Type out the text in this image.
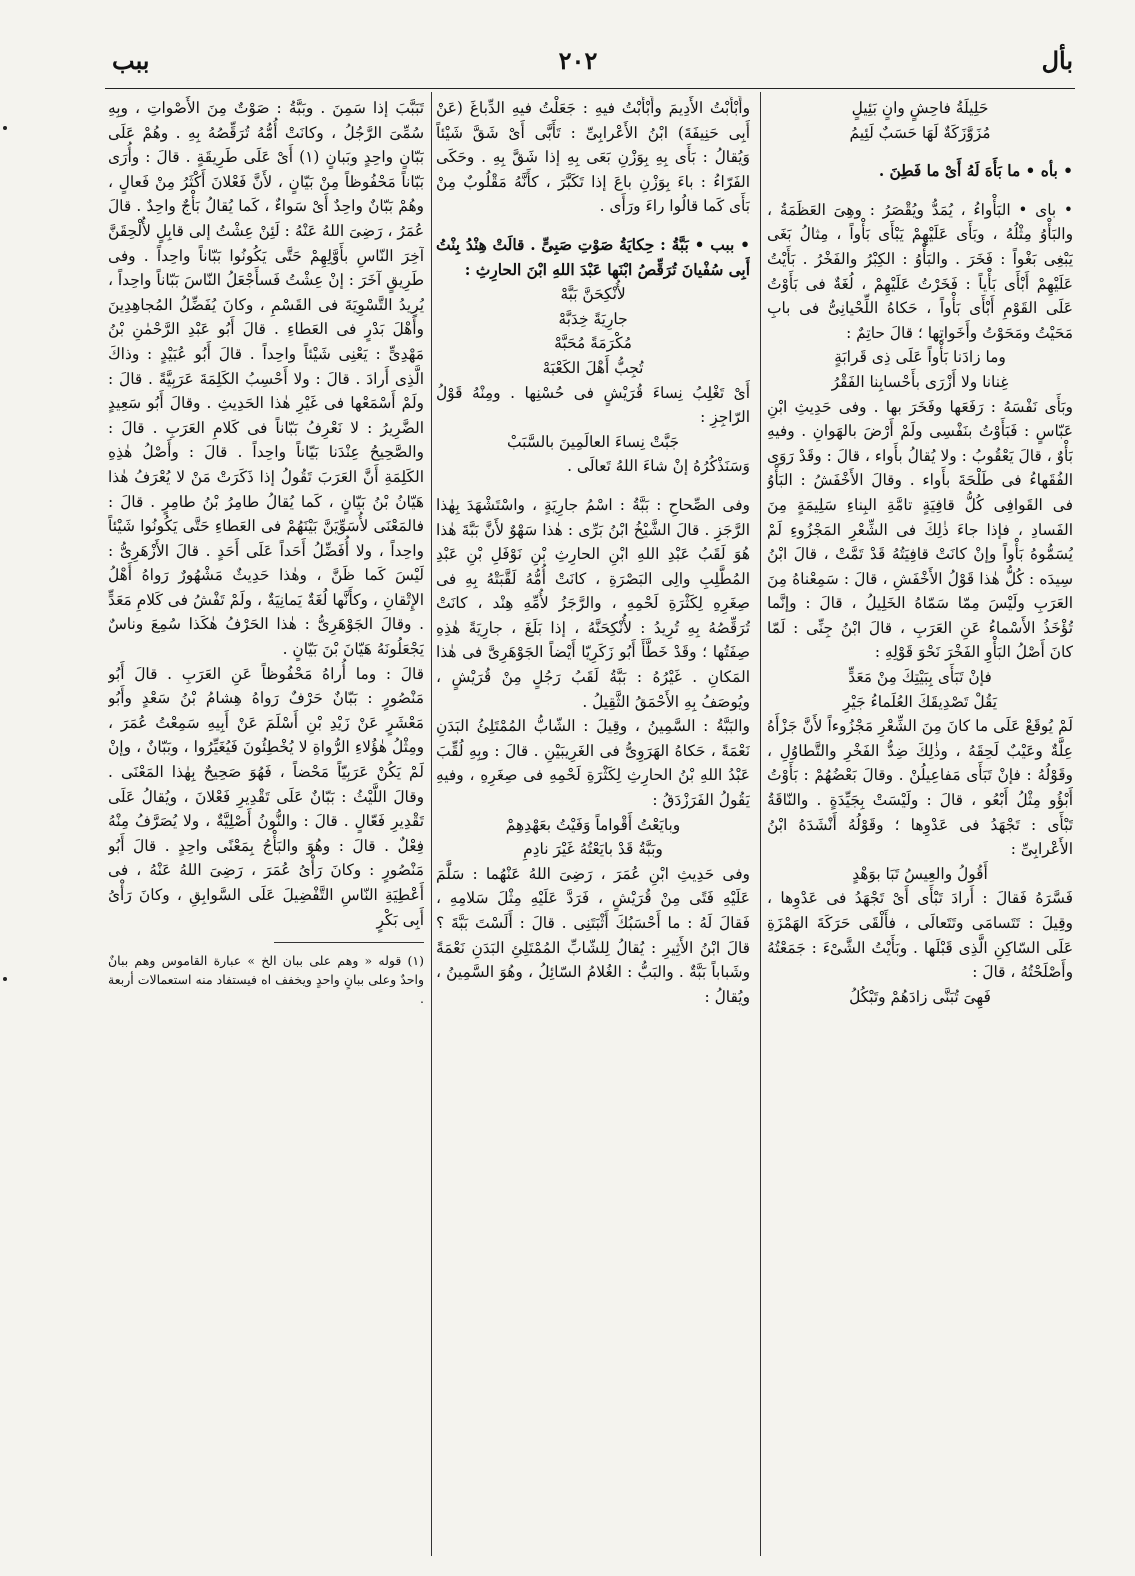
بأل
٢٠٢
ببب
حَلِيلَةُ فاحِشٍ وانٍ بَئِيلٍ

مُزَوَّزَكَةٌ لَهَا حَسَبٌ لَئِيمُ

• بأه • ما بَأَهَ لَهُ أَىْ ما فَطِنَ .

• باى • البَأْواءُ ، يُمَدُّ ويُقْصَرُ : وهِىَ العَظَمَةُ ، والبَأْوُ مِثْلُهُ ، وبَأَى عَلَيْهِمْ يَبْأَى بَأْواً ، مِثالُ بَغَى يَبْغِى بَغْواً : فَخَرَ . والبَأْوُ : الكِبْرُ والفَخْرُ . بَأَيْتُ عَلَيْهِمْ أَبْأَى بَأْياً : فَخَرْتُ عَلَيْهِمْ ، لُغَةٌ فى بَأَوْتُ عَلَى القَوْمِ أَبْأَى بَأْواً ، حَكاهُ اللِّحْيانِىُّ فى بابِ مَحَيْتُ ومَحَوْتُ وأَخَواتِها ؛ قالَ حاتِمٌ :

وما زادَنا بَأْواً عَلَى ذِى قَرابَةٍ

غِنانا ولا أَزْرَى بأَحْسابِنا الفَقْرُ

وبَأَى نَفْسَهُ : رَفَعَها وفَخَرَ بها . وفى حَدِيثِ ابْنِ عَبّاسٍ : فَبَأَوْتُ بنَفْسِى ولَمْ أَرْضَ بالهَوانِ . وفيهِ بَأْوٌ ، قالَ يَعْقُوبُ : ولا يُقالُ بأَواء ، قالَ : وقَدْ رَوَى الفُقَهاءُ فى طَلْحَةَ بأَواء . وقالَ الأَخْفَشُ : البَأْوُ فى القَوافِى كُلُّ قافِيَةٍ تامَّةِ البِناءِ سَلِيمَةٍ مِنَ الفَسادِ ، فإذا جاءَ ذٰلِكَ فى الشِّعْرِ المَجْزُوءِ لَمْ يُسَمُّوهُ بَأْواً وإنْ كانَتْ قافِيَتُهُ قَدْ تَمَّتْ ، قالَ ابْنُ سِيدَه : كُلُّ هٰذا قَوْلُ الأَخْفَشِ ، قالَ : سَمِعْناهُ مِنَ العَرَبِ ولَيْسَ مِمّا سَمّاهُ الخَلِيلُ ، قالَ : وإنَّما تُؤْخَذُ الأَسْماءُ عَنِ العَرَبِ ، قالَ ابْنُ جِنِّى : لَمّا كانَ أَصْلُ البَأْوِ الفَخْرَ نَحْوَ قَوْلِهِ :

فإنْ تَبَأَى بِبَيْتِكَ مِنْ مَعَدٍّ

يَقُلْ تَصْدِيقَكَ العُلَماءُ جَيْرِ

لَمْ يُوقَعْ عَلَى ما كانَ مِنَ الشِّعْرِ مَجْزُوءاً لأَنَّ جَزْأَهُ عِلَّةٌ وعَيْبٌ لَحِقَهُ ، وذٰلِكَ ضِدُّ الفَخْرِ والتَّطاوُلِ ، وقَوْلُهُ : فإنْ تَبَأَى مَفاعِيلُنْ . وقالَ بَعْضُهُمْ : بَأَوْتُ أَبْؤُو مِثْلُ أَبْعُو ، قالَ : ولَيْسَتْ بِجَيِّدَةٍ . والنّاقَةُ تَبْأَى : تَجْهَدُ فى عَدْوِها ؛ وقَوْلُهُ أَنْشَدَهُ ابْنُ الأَعْرابِىِّ :

أَقُولُ والعِيسُ تَبَا بوَهْدٍ

فَسَّرَهُ فَقالَ : أَرادَ تَبْأَى أَىْ تَجْهَدُ فى عَدْوِها ، وقِيلَ : تَتَسامَى وتَتَعالَى ، فأَلْقَى حَرَكَةَ الهَمْزَةِ عَلَى السّاكِنِ الَّذِى قَبْلَها . وبَأَيْتُ الشَّىْءَ : جَمَعْتُهُ وأَصْلَحْتُهُ ، قالَ :

فَهِىَ تُبَنَّى زادَهُمْ وتَبْكُلُ

وأَبْأَبْتُ الأَدِيمَ وأَبْأَبْتُ فيهِ : جَعَلْتُ فيهِ الدِّباغَ (عَنْ أَبِى حَنِيفَةَ) ابْنُ الأَعْرابِىِّ : تَأَبَّى أَىْ شَقَّ شَيْئاً وَيُقالُ : بَأَى بِهِ بِوَزْنِ بَعَى بِهِ إذا شَقَّ بِهِ . وحَكَى الفَرّاءُ : باءَ بِوَزْنِ باعَ إذا تَكَبَّرَ ، كأَنَّهُ مَقْلُوبٌ مِنْ بَأَى كَما قالُوا راءَ ورَأَى .

• ببب • بَبَّةُ : حِكايَةُ صَوْتِ صَبِىٍّ . قالَتْ هِنْدُ بِنْتُ أَبِى سُفْيانَ تُرَقِّصُ ابْنَها عَبْدَ اللهِ ابْنَ الحارِثِ :

لأُنْكِحَنَّ بَبَّهْ

جارِيَةً خِدَبَّهْ

مُكْرَمَةً مُحَبَّهْ

تُجِبُّ أَهْلَ الكَعْبَهْ

أَىْ تَغْلِبُ نِساءَ قُرَيْشٍ فى حُسْنِها . ومِنْهُ قَوْلُ الرّاجِزِ :

جَبَّتْ نِساءَ العالَمِينَ بالسَّبَبْ

وَسَنَذْكُرُهُ إنْ شاءَ اللهُ تَعالَى .

وفى الصِّحاحِ : بَبَّةُ : اسْمُ جارِيَةٍ ، واسْتَشْهَدَ بِهٰذا الرَّجَزِ . قالَ الشَّيْخُ ابْنُ بَرِّى : هٰذا سَهْوٌ لأَنَّ بَبَّةَ هٰذا هُوَ لَقَبُ عَبْدِ اللهِ ابْنِ الحارِثِ بْنِ نَوْفَلِ بْنِ عَبْدِ المُطَّلِبِ والِى البَصْرَةِ ، كانَتْ أُمُّهُ لَقَّبَتْهُ بِهِ فى صِغَرِهِ لِكَثْرَةِ لَحْمِهِ ، والرَّجَزُ لأُمِّهِ هِنْد ، كانَتْ تُرَقِّصُهُ بِهِ تُرِيدُ : لأُنْكِحَنَّهُ ، إذا بَلَغَ ، جارِيَةً هٰذِهِ صِفَتُها ؛ وقَدْ خَطَّأَ أَبُو زَكَرِيّا أَيْضاً الجَوْهَرِىَّ فى هٰذا المَكانِ . غَيْرُهُ : بَبَّةُ لَقَبُ رَجُلٍ مِنْ قُرَيْشٍ ، ويُوصَفُ بِهِ الأَحْمَقُ الثَّقِيلُ .

والبَبَّةُ : السَّمِينُ ، وقِيلَ : الشّابُّ المُمْتَلِئُ البَدَنِ نَعْمَةً ، حَكاهُ الهَرَوِىُّ فى الغَرِيبَيْنِ . قالَ : وبِهِ لُقِّبَ عَبْدُ اللهِ بْنُ الحارِثِ لِكَثْرَةِ لَحْمِهِ فى صِغَرِهِ ، وفيهِ يَقُولُ الفَرَزْدَقُ :

وبايَعْتُ أَقْواماً وَفَيْتُ بعَهْدِهِمْ

وبَبَّةُ قَدْ بايَعْتُهُ غَيْرَ نادِمِ

وفى حَدِيثِ ابْنِ عُمَرَ ، رَضِىَ اللهُ عَنْهُما : سَلَّمَ عَلَيْهِ فَتًى مِنْ قُرَيْشٍ ، فَرَدَّ عَلَيْهِ مِثْلَ سَلامِهِ ، فَقالَ لَهُ : ما أَحْسَبُكَ أَثْبَتَنِى . قالَ : أَلَسْتَ بَبَّةَ ؟ قالَ ابْنُ الأَثِيرِ : يُقالُ لِلشّابِّ المُمْتَلِئِ البَدَنِ نَعْمَةً وشَباباً بَبَّةٌ . والبَبُّ : الغُلامُ السّائِلُ ، وهُوَ السَّمِينُ ، ويُقالُ :

تَبَبَّبَ إذا سَمِنَ . وبَبَّةُ : صَوْتٌ مِنَ الأَصْواتِ ، وبِهِ سُمِّىَ الرَّجُلُ ، وكانَتْ أُمُّهُ تُرَقِّصُهُ بِهِ . وهُمْ عَلَى بَبّانٍ واحِدٍ وبَبانٍ (١) أَىْ عَلَى طَرِيقَةٍ . قالَ : وأُرَى بَبّاناً مَحْفُوظاً مِنْ بَيّانٍ ، لأَنَّ فَعْلانَ أَكْثَرُ مِنْ فَعالٍ ، وهُمْ بَبّانٌ واحِدٌ أَىْ سَواءٌ ، كَما يُقالُ بَأْجٌ واحِدٌ . قالَ عُمَرُ ، رَضِىَ اللهُ عَنْهُ : لَئِنْ عِشْتُ إلى قابِلٍ لأُلْحِقَنَّ آخِرَ النّاسِ بأَوَّلِهِمْ حَتَّى يَكُونُوا بَبّاناً واحِداً . وفى طَرِيقٍ آخَرَ : إنْ عِشْتُ فَسأَجْعَلُ النّاسَ بَبّاناً واحِداً ، يُرِيدُ التَّسْوِيَةَ فى القَسْمِ ، وكانَ يُفَضِّلُ المُجاهِدِينَ وأَهْلَ بَدْرٍ فى العَطاءِ . قالَ أَبُو عَبْدِ الرَّحْمٰنِ بْنُ مَهْدِىٍّ : يَعْنِى شَيْئاً واحِداً . قالَ أَبُو عُبَيْدٍ : وذاكَ الَّذِى أَرادَ . قالَ : ولا أَحْسِبُ الكَلِمَةَ عَرَبِيَّةً . قالَ : ولَمْ أَسْمَعْها فى غَيْرِ هٰذا الحَدِيثِ . وقالَ أَبُو سَعِيدٍ الضَّرِيرُ : لا نَعْرِفُ بَبّاناً فى كَلامِ العَرَبِ . قالَ : والصَّحِيحُ عِنْدَنا بَيّاناً واحِداً . قالَ : وأَصْلُ هٰذِهِ الكَلِمَةِ أَنَّ العَرَبَ تَقُولُ إذا ذَكَرَتْ مَنْ لا يُعْرَفُ هٰذا هَيّانُ بْنُ بَيّانٍ ، كَما يُقالُ طامِرُ بْنُ طامِرٍ . قالَ : فالمَعْنَى لأُسَوِّيَنَّ بَيْنَهُمْ فى العَطاءِ حَتَّى يَكُونُوا شَيْئاً واحِداً ، ولا أُفَضِّلُ أَحَداً عَلَى أَحَدٍ . قالَ الأَزْهَرِىُّ : لَيْسَ كَما ظَنَّ ، وهٰذا حَدِيثٌ مَشْهُورٌ رَواهُ أَهْلُ الإِتْقانِ ، وكأَنَّها لُغَةٌ يَمانِيَةٌ ، ولَمْ تَفْشُ فى كَلامِ مَعَدٍّ . وقالَ الجَوْهَرِىُّ : هٰذا الحَرْفُ هٰكَذا سُمِعَ وناسٌ يَجْعَلُونَهُ هَيّانَ بْنَ بَيّانٍ .

قالَ : وما أُراهُ مَحْفُوظاً عَنِ العَرَبِ . قالَ أَبُو مَنْصُورٍ : بَبّانٌ حَرْفٌ رَواهُ هِشامُ بْنُ سَعْدٍ وأَبُو مَعْشَرٍ عَنْ زَيْدِ بْنِ أَسْلَمَ عَنْ أَبِيهِ سَمِعْتُ عُمَرَ ، ومِثْلُ هٰؤُلاءِ الرُّواةِ لا يُخْطِئُونَ فَيُغَيِّرُوا ، وبَبّانٌ ، وإنْ لَمْ يَكُنْ عَرَبِيّاً مَحْضاً ، فَهُوَ صَحِيحٌ بِهٰذا المَعْنَى . وقالَ اللَّيْثُ : بَبّانٌ عَلَى تَقْدِيرِ فَعْلانَ ، ويُقالُ عَلَى تَقْدِيرِ فَعّالٍ . قالَ : والنُّونُ أَصْلِيَّةٌ ، ولا يُصَرَّفُ مِنْهُ فِعْلٌ . قالَ : وهُوَ والبَأْجُ بِمَعْنًى واحِدٍ . قالَ أَبُو مَنْصُورٍ : وكانَ رَأْىُ عُمَرَ ، رَضِىَ اللهُ عَنْهُ ، فى أَعْطِيَةِ النّاسِ التَّفْضِيلَ عَلَى السَّوابِقِ ، وكانَ رَأْىُ أَبِى بَكْرٍ

(١) قوله « وهم على ببان الخ » عبارة القاموس وهم ببانٌ واحدٌ وعلى ببانٍ واحدٍ ويخفف اه فيستفاد منه استعمالات أربعة .
